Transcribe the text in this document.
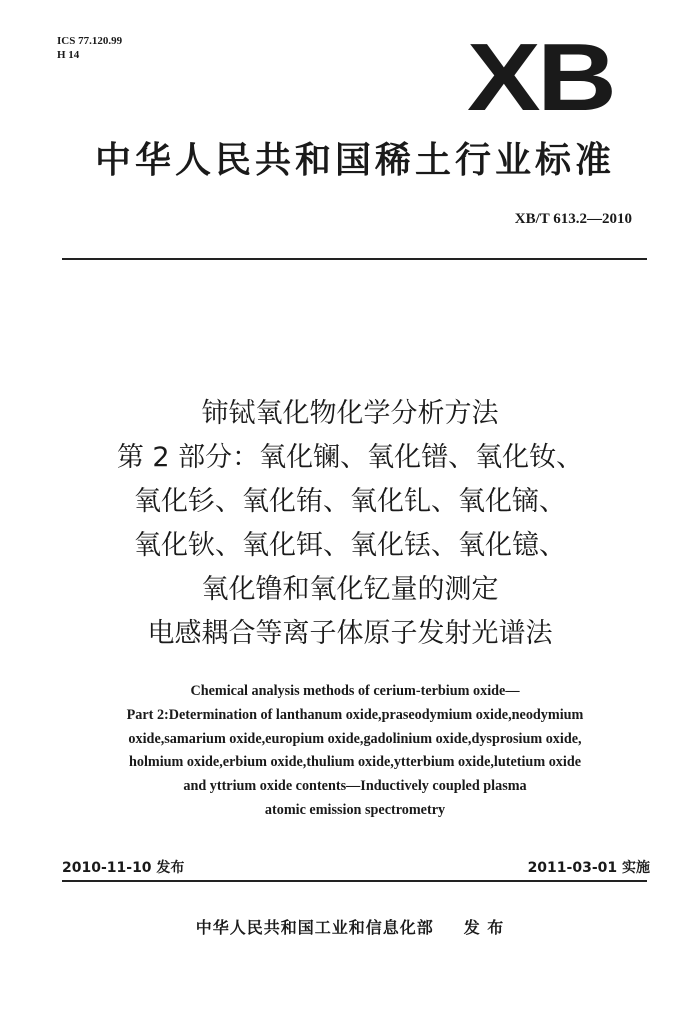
ICS 77.120.99
H 14	XB
中华人民共和国稀土行业标准
XB/T 613.2—2010
铈铽氧化物化学分析方法
第 2 部分：氧化镧、氧化镨、氧化钕、
氧化钐、氧化铕、氧化钆、氧化镝、
氧化钬、氧化铒、氧化铥、氧化镱、
氧化镥和氧化钇量的测定
电感耦合等离子体原子发射光谱法
Chemical analysis methods of cerium-terbium oxide—
Part 2:Determination of lanthanum oxide,praseodymium oxide,neodymium
oxide,samarium oxide,europium oxide,gadolinium oxide,dysprosium oxide,
holmium oxide,erbium oxide,thulium oxide,ytterbium oxide,lutetium oxide
and yttrium oxide contents—Inductively coupled plasma
atomic emission spectrometry
2010-11-10 发布	2011-03-01 实施
中华人民共和国工业和信息化部 发 布
